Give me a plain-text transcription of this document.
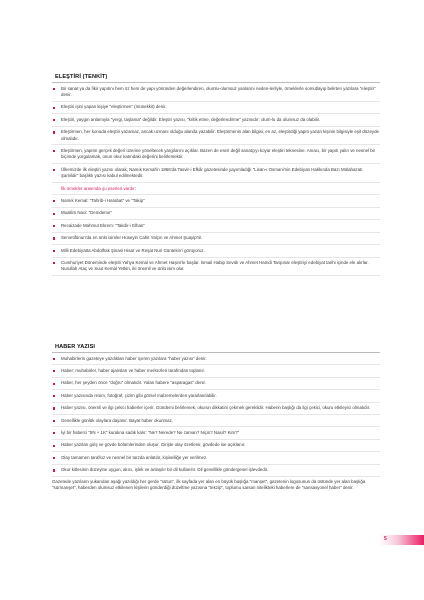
ELEŞTİRİ (TENKİT)
Bir sanat ya da fikir yapıtını hem öz hem de yapı yönünden değerlendiren, olumlu-olumsuz yanlarını neden-lerilyle, örneklerle somutlayıp belirten yazılara "eleştiri" denir.
Eleştiri işini yapan kişiye "eleştirmen" (münekkit) denir.
Eleştiri, yaygın anlamıyla "yergi, taşlama" değildir. Eleştiri yazısı, "kritik etme, değerlendirme" yazısıdır; olum-lu da olumsuz da olabilir.
Eleştirmen, her konuda eleştiri yazamaz, ancak uzmanı olduğu alanda yazabilir. Eleştirmenin alan bilgisi, en az, eleştirdiği yapıtı yazan kişinin bilgisiyle eşit düzeyde olmalıdır.
Eleştirmen, yapıtın gerçek değeri üzerine yöneltecek yargılarını açıklar. Bazen de eseri değil sanatçıyı koyar eleştiri teknesine. Amacı, bir yapıtı yalın ve nesnel bir biçimde yorgulamak, onun okur katındaki değerini belirlemektir.
Ülkemizde ilk eleştiri yazısı olarak, Namık Kemal'in 1866'da Tasvir-i Efkâr gazetesinde yayımladığı "Lisan-ı Osmani'nin Edebiyatı Hakkında Bazı Mülahazatı Şamildir" başlıklı yazısı kabul edilmektedir.
İlk örnekler arasında şu eserleri vardır:
Namık Kemal: "Tahrib-i Harabat" ve "Takip"
Muallim Naci: "Demdeme"
Recaizade Mahmut Ekrem: "Takdir-i Elhan"
Servetifünun'da en ünlü isimler Hüseyin Cahit Yalçın ve Ahmet Şuayip'tir.
Milli Edebiyatta Abdülhak Şinasi Hisar ve Reşat Nuri Güntekin'i görüyoruz.
Cumhuriyet Döneminde eleştiri Yahya Kemal ve Ahmet Haşim'le başlar. İsmail Habip Sevük ve Ahmet Hamdi Tanpınar eleştiriyi edebiyat tarihi içinde ele alırlar. Nurullah Ataç ve Suut Kemal Yetkin, iki önemli ve ünlü isim olur.
HABER YAZISI
Muhabirlerin gazeteye yazdıkları haber içeren yazılara "haber yazısı" denir.
Haber; muhabirler, haber ajansları ve haber merkezleri tarafından toplanır.
Haber, her şeyden önce "doğru" olmalıdır. Yalan habere "asparagas" denir.
Haber yazısında resim, fotoğraf, çizim gibi görsel malzemelerden yararlanılabilir.
Haber yazısı, önemli ve ilgi çekici haberler içerir. Gündemi belirlemek, okurun dikkatini çekmek gereklidir. Haberin başlığı da ilgi çekici, okuru etkileyici olmalıdır.
Genellikle günlük olaylara dayanır. Bayat haber okunmaz.
İyi bir haberci "5N + 1K" kuralına sadık kalır: "Ne? Nerede? Ne zaman? Niçin? Nasıl? Kim?"
Haber yazıları giriş ve gövde bölümlerinden oluşur. Girişte olay özetlenir, gövdede ise açıklanır.
Olay tamamen tarafsız ve nesnel bir tarzda anlatılır, kişiselliğe yer verilmez.
Okur kitlesinin düzeyine uygun, akıcı, işlek ve anlaşılır bir dil kullanılır. Dil genellikle göndergesel işlevdedir.
Gazetede yazıların yukarıdan aşağı yazıldığı her gerde "sütun", ilk sayfada yer alan en büyük başlığa "manşet", gazetenin logosunun da üstünde yer alan başlığa "sürmanşet", haberden olumsuz etkilenen kişilerin gönderdiği düzeltme yazısına "tekzip", toplumu sarsan nitelikteki haberlere de "sansasyonel haber" denir.
5
